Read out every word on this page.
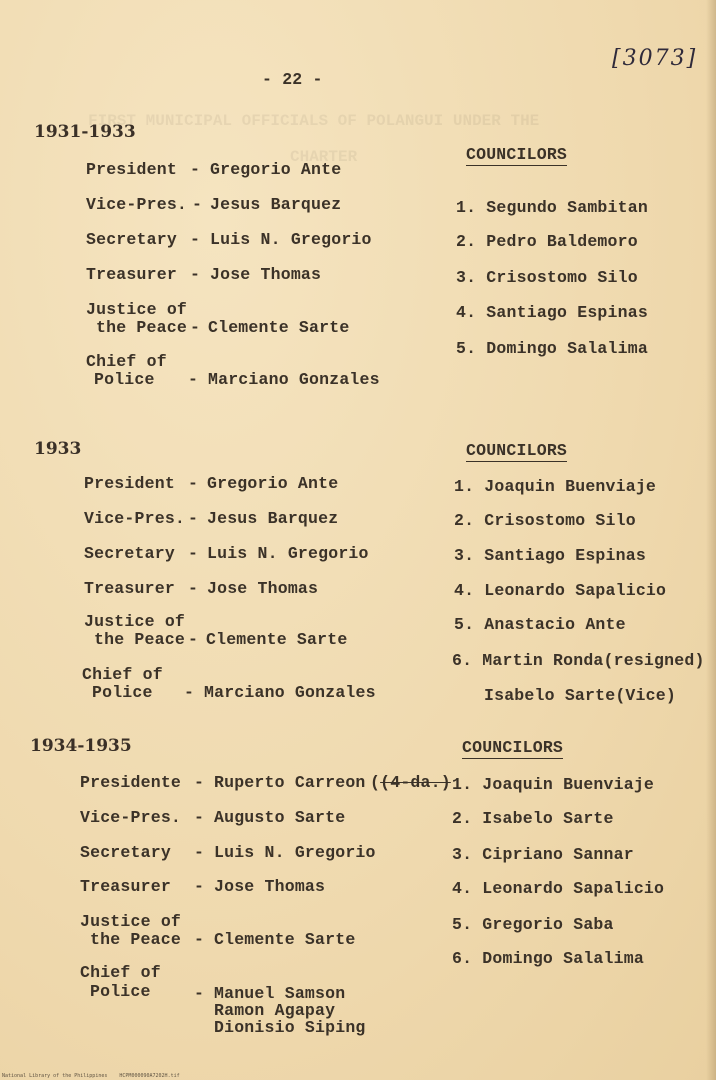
[3073]
- 22 -
FIRST MUNICIPAL OFFICIALS OF POLANGUI UNDER THE
CHARTER
1931-1933
President - Gregorio Ante
Vice-Pres. - Jesus Barquez
Secretary - Luis N. Gregorio
Treasurer - Jose Thomas
Justice of
the Peace - Clemente Sarte
Chief of
Police - Marciano Gonzales
COUNCILORS
1. Segundo Sambitan
2. Pedro Baldemoro
3. Crisostomo Silo
4. Santiago Espinas
5. Domingo Salalima
1933
President - Gregorio Ante
Vice-Pres. - Jesus Barquez
Secretary - Luis N. Gregorio
Treasurer - Jose Thomas
Justice of
the Peace - Clemente Sarte
Chief of
Police - Marciano Gonzales
COUNCILORS
1. Joaquin Buenviaje
2. Crisostomo Silo
3. Santiago Espinas
4. Leonardo Sapalicio
5. Anastacio Ante
6. Martin Ronda(resigned)
Isabelo Sarte(Vice)
1934-1935
Presidente - Ruperto Carreon ((4-da.)
Vice-Pres. - Augusto Sarte
Secretary - Luis N. Gregorio
Treasurer - Jose Thomas
Justice of
the Peace - Clemente Sarte
Chief of
Police	- Manuel Samson
Ramon Agapay
Dionisio Siping
COUNCILORS
1. Joaquin Buenviaje
2. Isabelo Sarte
3. Cipriano Sannar
4. Leonardo Sapalicio
5. Gregorio Saba
6. Domingo Salalima
National Library of the Philippines    HCPM000090A7202H.tif
